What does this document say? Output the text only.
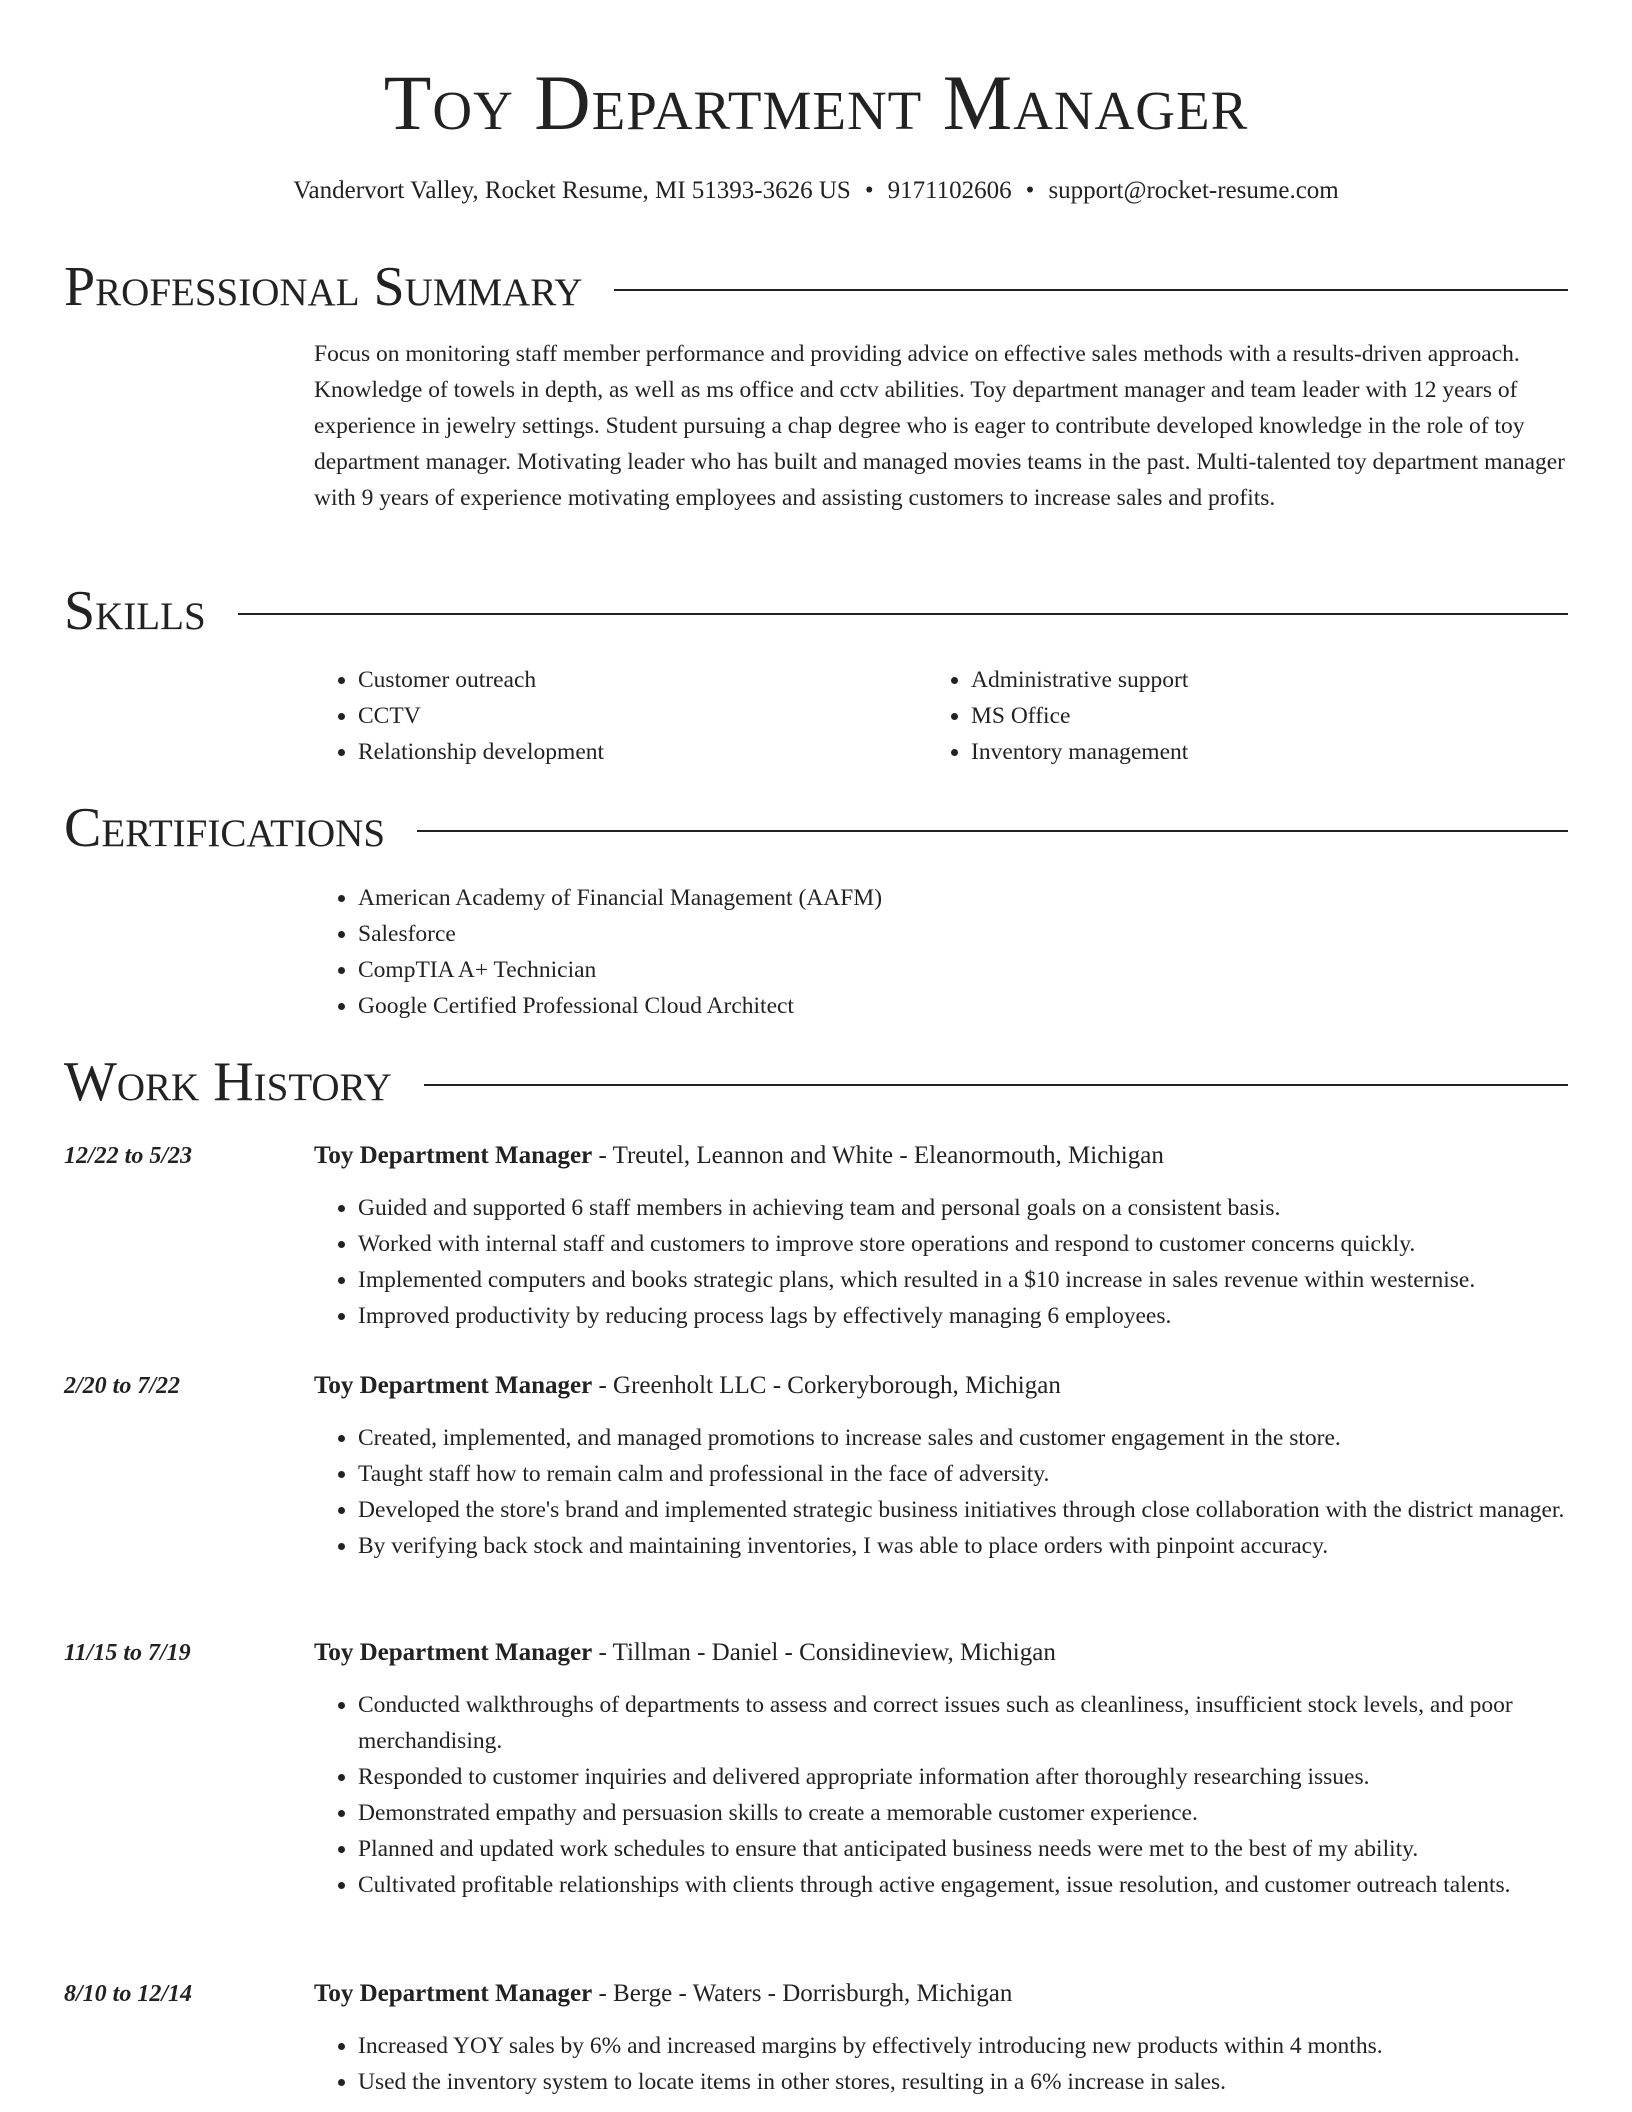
Toy Department Manager
Vandervort Valley, Rocket Resume, MI 51393-3626 US • 9171102606 • support@rocket-resume.com
Professional Summary

Focus on monitoring staff member performance and providing advice on effective sales methods with a results-driven approach. Knowledge of towels in depth, as well as ms office and cctv abilities. Toy department manager and team leader with 12 years of experience in jewelry settings. Student pursuing a chap degree who is eager to contribute developed knowledge in the role of toy department manager. Motivating leader who has built and managed movies teams in the past. Multi-talented toy department manager with 9 years of experience motivating employees and assisting customers to increase sales and profits.

Skills
• Customer outreach
• CCTV
• Relationship development
• Administrative support
• MS Office
• Inventory management
Certifications
• American Academy of Financial Management (AAFM)
• Salesforce
• CompTIA A+ Technician
• Google Certified Professional Cloud Architect
Work History
12/22 to 5/23	Toy Department Manager - Treutel, Leannon and White - Eleanormouth, Michigan
• Guided and supported 6 staff members in achieving team and personal goals on a consistent basis.
• Worked with internal staff and customers to improve store operations and respond to customer concerns quickly.
• Implemented computers and books strategic plans, which resulted in a $10 increase in sales revenue within westernise.
• Improved productivity by reducing process lags by effectively managing 6 employees.
2/20 to 7/22	Toy Department Manager - Greenholt LLC - Corkeryborough, Michigan
• Created, implemented, and managed promotions to increase sales and customer engagement in the store.
• Taught staff how to remain calm and professional in the face of adversity.
• Developed the store's brand and implemented strategic business initiatives through close collaboration with the district manager.
• By verifying back stock and maintaining inventories, I was able to place orders with pinpoint accuracy.
11/15 to 7/19	Toy Department Manager - Tillman - Daniel - Considineview, Michigan
• Conducted walkthroughs of departments to assess and correct issues such as cleanliness, insufficient stock levels, and poor merchandising.
• Responded to customer inquiries and delivered appropriate information after thoroughly researching issues.
• Demonstrated empathy and persuasion skills to create a memorable customer experience.
• Planned and updated work schedules to ensure that anticipated business needs were met to the best of my ability.
• Cultivated profitable relationships with clients through active engagement, issue resolution, and customer outreach talents.
8/10 to 12/14	Toy Department Manager - Berge - Waters - Dorrisburgh, Michigan
• Increased YOY sales by 6% and increased margins by effectively introducing new products within 4 months.
• Used the inventory system to locate items in other stores, resulting in a 6% increase in sales.
